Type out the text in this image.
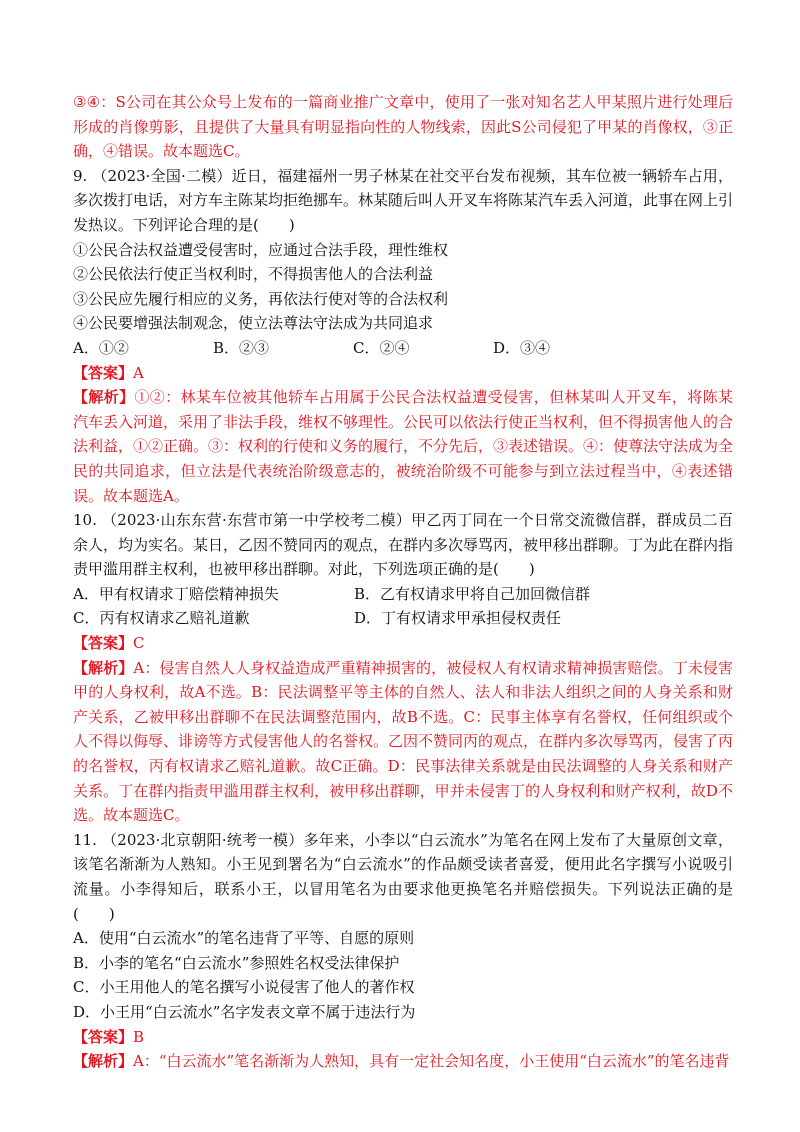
③④：S公司在其公众号上发布的一篇商业推广文章中，使用了一张对知名艺人甲某照片进行处理后形成的肖像剪影，且提供了大量具有明显指向性的人物线索，因此S公司侵犯了甲某的肖像权，③正确，④错误。故本题选C。

9. （2023·全国·二模）近日，福建福州一男子林某在社交平台发布视频，其车位被一辆轿车占用，多次拨打电话，对方车主陈某均拒绝挪车。林某随后叫人开叉车将陈某汽车丢入河道，此事在网上引发热议。下列评论合理的是(　　)

①公民合法权益遭受侵害时，应通过合法手段，理性维权

②公民依法行使正当权利时，不得损害他人的合法利益

③公民应先履行相应的义务，再依法行使对等的合法权利

④公民要增强法制观念，使立法尊法守法成为共同追求

A．①②	B．②③	C．②④	D．③④

【答案】A

【解析】①②：林某车位被其他轿车占用属于公民合法权益遭受侵害，但林某叫人开叉车，将陈某汽车丢入河道，采用了非法手段，维权不够理性。公民可以依法行使正当权利，但不得损害他人的合法利益，①②正确。③：权利的行使和义务的履行，不分先后，③表述错误。④：使尊法守法成为全民的共同追求，但立法是代表统治阶级意志的，被统治阶级不可能参与到立法过程当中，④表述错误。故本题选A。

10. （2023·山东东营·东营市第一中学校考二模）甲乙丙丁同在一个日常交流微信群，群成员二百余人，均为实名。某日，乙因不赞同丙的观点，在群内多次辱骂丙，被甲移出群聊。丁为此在群内指责甲滥用群主权利，也被甲移出群聊。对此，下列选项正确的是(　　)

A．甲有权请求丁赔偿精神损失	B．乙有权请求甲将自己加回微信群
C．丙有权请求乙赔礼道歉	D．丁有权请求甲承担侵权责任

【答案】C

【解析】A：侵害自然人人身权益造成严重精神损害的，被侵权人有权请求精神损害赔偿。丁未侵害甲的人身权利，故A不选。B：民法调整平等主体的自然人、法人和非法人组织之间的人身关系和财产关系，乙被甲移出群聊不在民法调整范围内，故B不选。C：民事主体享有名誉权，任何组织或个人不得以侮辱、诽谤等方式侵害他人的名誉权。乙因不赞同丙的观点，在群内多次辱骂丙，侵害了丙的名誉权，丙有权请求乙赔礼道歉。故C正确。D：民事法律关系就是由民法调整的人身关系和财产关系。丁在群内指责甲滥用群主权利，被甲移出群聊，甲并未侵害丁的人身权利和财产权利，故D不选。故本题选C。

11. （2023·北京朝阳·统考一模）多年来，小李以“白云流水”为笔名在网上发布了大量原创文章，该笔名渐渐为人熟知。小王见到署名为“白云流水”的作品颇受读者喜爱，便用此名字撰写小说吸引流量。小李得知后，联系小王，以冒用笔名为由要求他更换笔名并赔偿损失。下列说法正确的是(　　)

A．使用“白云流水”的笔名违背了平等、自愿的原则

B．小李的笔名“白云流水”参照姓名权受法律保护

C．小王用他人的笔名撰写小说侵害了他人的著作权

D．小王用“白云流水”名字发表文章不属于违法行为

【答案】B

【解析】A：“白云流水”笔名渐渐为人熟知，具有一定社会知名度，小王使用“白云流水”的笔名违背
